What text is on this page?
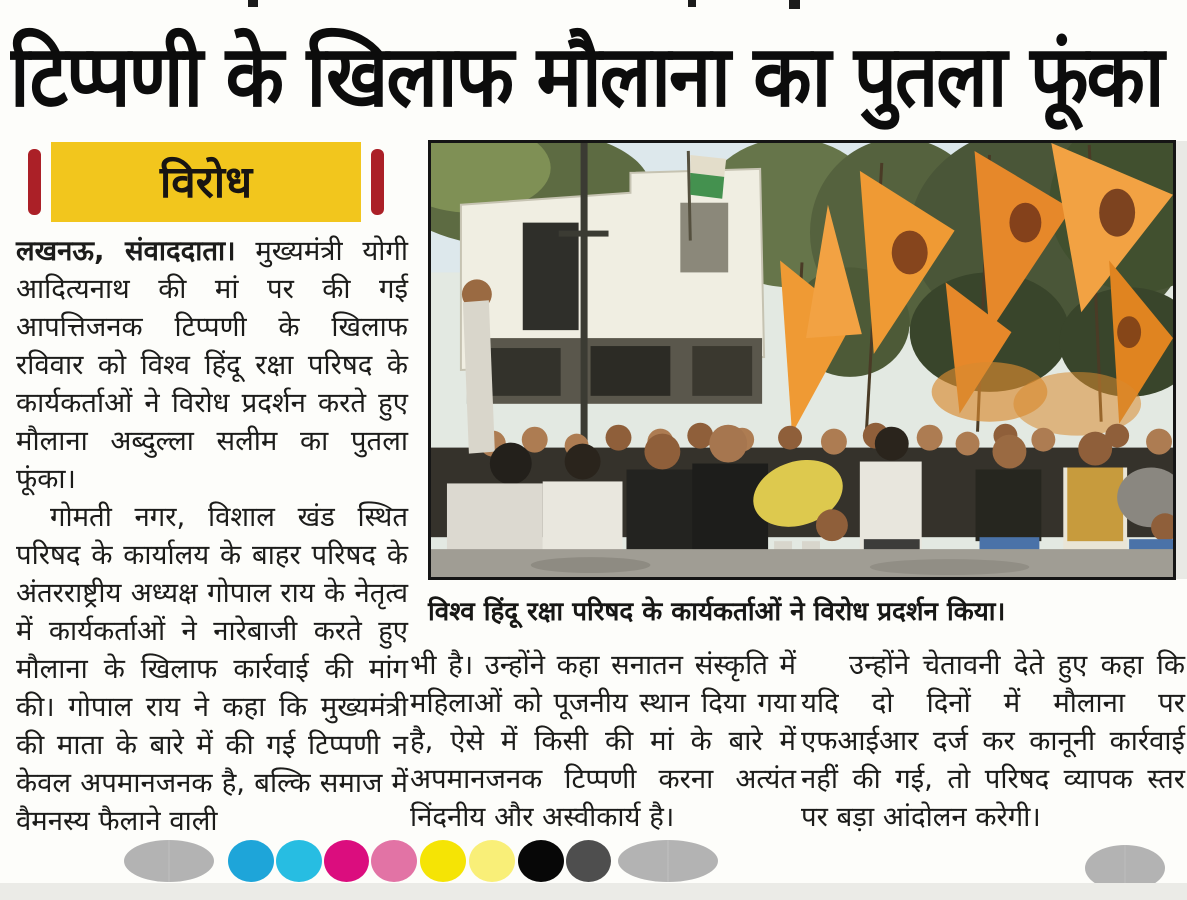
टिप्पणी के खिलाफ मौलाना का पुतला फूंका
विरोध

लखनऊ, संवाददाता। मुख्यमंत्री योगी आदित्यनाथ की मां पर की गई आपत्तिजनक टिप्पणी के खिलाफ रविवार को विश्व हिंदू रक्षा परिषद के कार्यकर्ताओं ने विरोध प्रदर्शन करते हुए मौलाना अब्दुल्ला सलीम का पुतला फूंका।

गोमती नगर, विशाल खंड स्थित परिषद के कार्यालय के बाहर परिषद के अंतरराष्ट्रीय अध्यक्ष गोपाल राय के नेतृत्व में कार्यकर्ताओं ने नारेबाजी करते हुए मौलाना के खिलाफ कार्रवाई की मांग की। गोपाल राय ने कहा कि मुख्यमंत्री की माता के बारे में की गई टिप्पणी न केवल अपमानजनक है, बल्कि समाज में वैमनस्य फैलाने वाली

विश्व हिंदू रक्षा परिषद के कार्यकर्ताओं ने विरोध प्रदर्शन किया।

भी है। उन्होंने कहा सनातन संस्कृति में महिलाओं को पूजनीय स्थान दिया गया है, ऐसे में किसी की मां के बारे में अपमानजनक टिप्पणी करना अत्यंत निंदनीय और अस्वीकार्य है।

उन्होंने चेतावनी देते हुए कहा कि यदि दो दिनों में मौलाना पर एफआईआर दर्ज कर कानूनी कार्रवाई नहीं की गई, तो परिषद व्यापक स्तर पर बड़ा आंदोलन करेगी।
